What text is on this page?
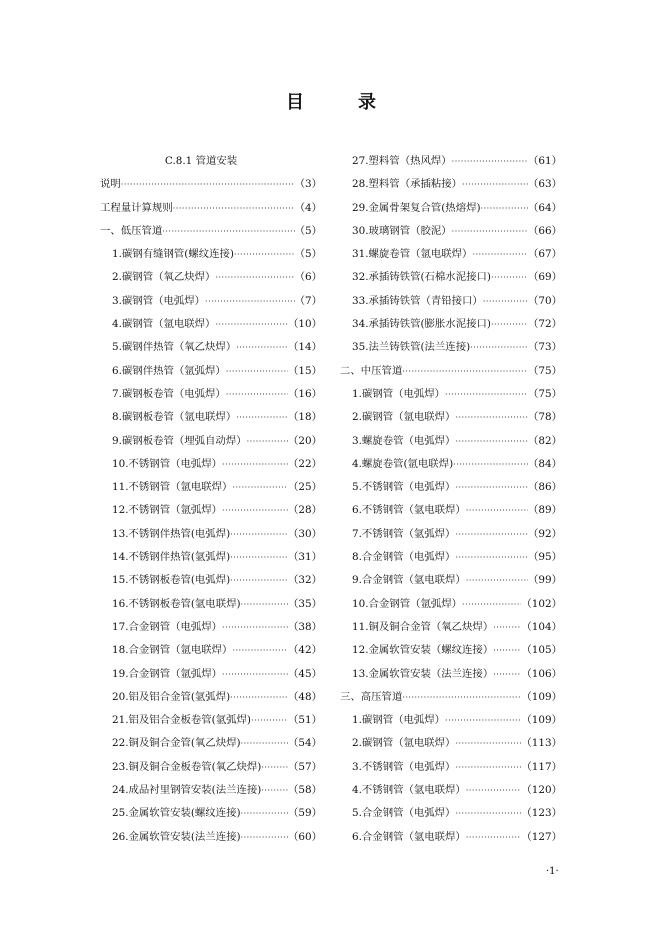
目　录
C.8.1 管道安装
说明 ·····	（3）
工程量计算规则 ·····	（4）
一、低压管道 ·····	（5）
1.碳钢有缝钢管(螺纹连接) ·····	（5）
2.碳钢管（氧乙炔焊） ·····	（6）
3.碳钢管（电弧焊） ·····	（7）
4.碳钢管（氩电联焊） ·····	（10）
5.碳钢伴热管（氧乙炔焊） ·····	（14）
6.碳钢伴热管（氩弧焊） ·····	（15）
7.碳钢板卷管（电弧焊） ·····	（16）
8.碳钢板卷管（氩电联焊） ·····	（18）
9.碳钢板卷管（埋弧自动焊） ·····	（20）
10.不锈钢管（电弧焊） ·····	（22）
11.不锈钢管（氩电联焊） ·····	（25）
12.不锈钢管（氩弧焊） ·····	（28）
13.不锈钢伴热管(电弧焊) ·····	（30）
14.不锈钢伴热管(氩弧焊) ·····	（31）
15.不锈钢板卷管(电弧焊) ·····	（32）
16.不锈钢板卷管(氩电联焊) ·····	（35）
17.合金钢管（电弧焊） ·····	（38）
18.合金钢管（氩电联焊） ·····	（42）
19.合金钢管（氩弧焊） ·····	（45）
20.铝及铝合金管(氩弧焊) ·····	（48）
21.铝及铝合金板卷管(氩弧焊) ·····	（51）
22.铜及铜合金管(氧乙炔焊) ·····	（54）
23.铜及铜合金板卷管(氧乙炔焊) ·····	（57）
24.成品衬里钢管安装(法兰连接) ·····	（58）
25.金属软管安装(螺纹连接) ·····	（59）
26.金属软管安装(法兰连接) ·····	（60）
27.塑料管（热风焊） ·····	（61）
28.塑料管（承插粘接） ·····	（63）
29.金属骨架复合管(热熔焊) ·····	（64）
30.玻璃钢管（胶泥） ·····	（66）
31.螺旋卷管（氩电联焊） ·····	（67）
32.承插铸铁管(石棉水泥接口) ·····	（69）
33.承插铸铁管（青铅接口） ·····	（70）
34.承插铸铁管(膨胀水泥接口) ·····	（72）
35.法兰铸铁管(法兰连接) ·····	（73）
二、中压管道 ·····	（75）
1.碳钢管（电弧焊） ·····	（75）
2.碳钢管（氩电联焊） ·····	（78）
3.螺旋卷管（电弧焊） ·····	（82）
4.螺旋卷管(氩电联焊) ·····	（84）
5.不锈钢管（电弧焊） ·····	（86）
6.不锈钢管（氩电联焊） ·····	（89）
7.不锈钢管（氩弧焊） ·····	（92）
8.合金钢管（电弧焊） ·····	（95）
9.合金钢管（氩电联焊） ·····	（99）
10.合金钢管（氩弧焊） ·····	（102）
11.铜及铜合金管（氧乙炔焊） ·····	（104）
12.金属软管安装（螺纹连接） ·····	（105）
13.金属软管安装（法兰连接） ·····	（106）
三、高压管道 ·····	（109）
1.碳钢管（电弧焊） ·····	（109）
2.碳钢管（氩电联焊） ·····	（113）
3.不锈钢管（电弧焊） ·····	（117）
4.不锈钢管（氩电联焊） ·····	（120）
5.合金钢管（电弧焊） ·····	（123）
6.合金钢管（氩电联焊） ·····	（127）
·1·
